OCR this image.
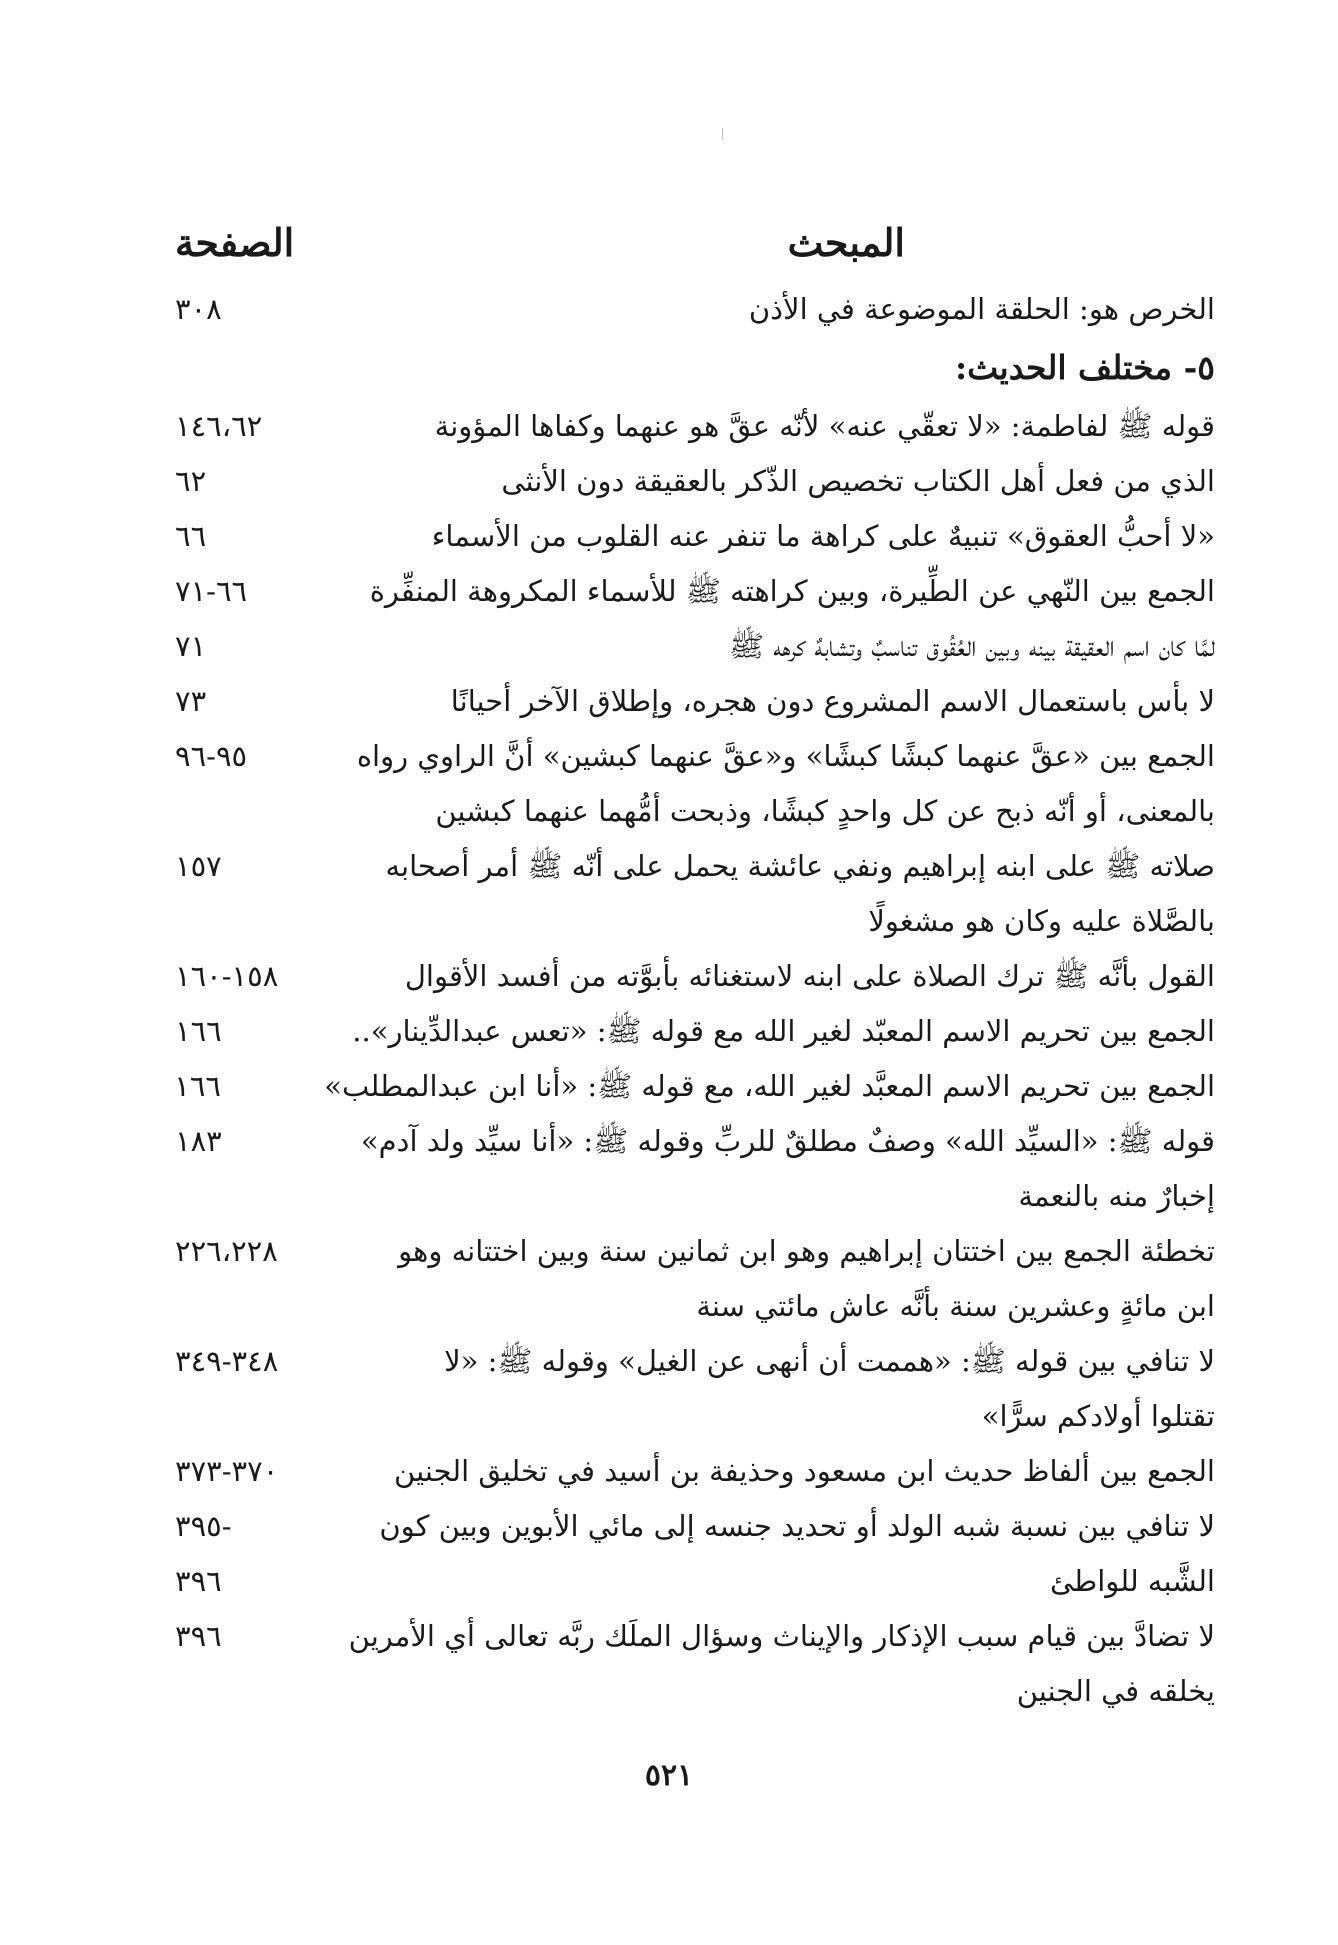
المبحث
الصفحة
الخرص هو: الحلقة الموضوعة في الأذن
٣٠٨
٥- مختلف الحديث:
قوله ﷺ لفاطمة: «لا تعقّي عنه» لأنّه عقَّ هو عنهما وكفاها المؤونة
١٤٦،٦٢
الذي من فعل أهل الكتاب تخصيص الذّكر بالعقيقة دون الأنثى
٦٢
«لا أحبُّ العقوق» تنبيهٌ على كراهة ما تنفر عنه القلوب من الأسماء
٦٦
الجمع بين النّهي عن الطِّيرة، وبين كراهته ﷺ للأسماء المكروهة المنفِّرة
٦٦-٧١
لمَّا كان اسم العقيقة بينه وبين العُقُوق تناسبٌ وتشابهٌ كرهه ﷺ
٧١
لا بأس باستعمال الاسم المشروع دون هجره، وإطلاق الآخر أحيانًا
٧٣
الجمع بين «عقَّ عنهما كبشًا كبشًا» و«عقَّ عنهما كبشين» أنَّ الراوي رواه
٩٥-٩٦
بالمعنى، أو أنّه ذبح عن كل واحدٍ كبشًا، وذبحت أمُّهما عنهما كبشين
صلاته ﷺ على ابنه إبراهيم ونفي عائشة يحمل على أنّه ﷺ أمر أصحابه
١٥٧
بالصَّلاة عليه وكان هو مشغولًا
القول بأنَّه ﷺ ترك الصلاة على ابنه لاستغنائه بأبوَّته من أفسد الأقوال
١٥٨-١٦٠
الجمع بين تحريم الاسم المعبّد لغير الله مع قوله ﷺ: «تعس عبدالدِّينار»..
١٦٦
الجمع بين تحريم الاسم المعبَّد لغير الله، مع قوله ﷺ: «أنا ابن عبدالمطلب»
١٦٦
قوله ﷺ: «السيِّد الله» وصفٌ مطلقٌ للربِّ وقوله ﷺ: «أنا سيِّد ولد آدم»
١٨٣
إخبارٌ منه بالنعمة
تخطئة الجمع بين اختتان إبراهيم وهو ابن ثمانين سنة وبين اختتانه وهو
٢٢٦،٢٢٨
ابن مائةٍ وعشرين سنة بأنَّه عاش مائتي سنة
لا تنافي بين قوله ﷺ: «هممت أن أنهى عن الغيل» وقوله ﷺ: «لا
٣٤٨-٣٤٩
تقتلوا أولادكم سرًّا»
الجمع بين ألفاظ حديث ابن مسعود وحذيفة بن أسيد في تخليق الجنين
٣٧٠-٣٧٣
لا تنافي بين نسبة شبه الولد أو تحديد جنسه إلى مائي الأبوين وبين كون
٣٩٥-
الشَّبه للواطئ
٣٩٦
لا تضادَّ بين قيام سبب الإذكار والإيناث وسؤال الملَك ربَّه تعالى أي الأمرين
٣٩٦
يخلقه في الجنين
٥٢١
